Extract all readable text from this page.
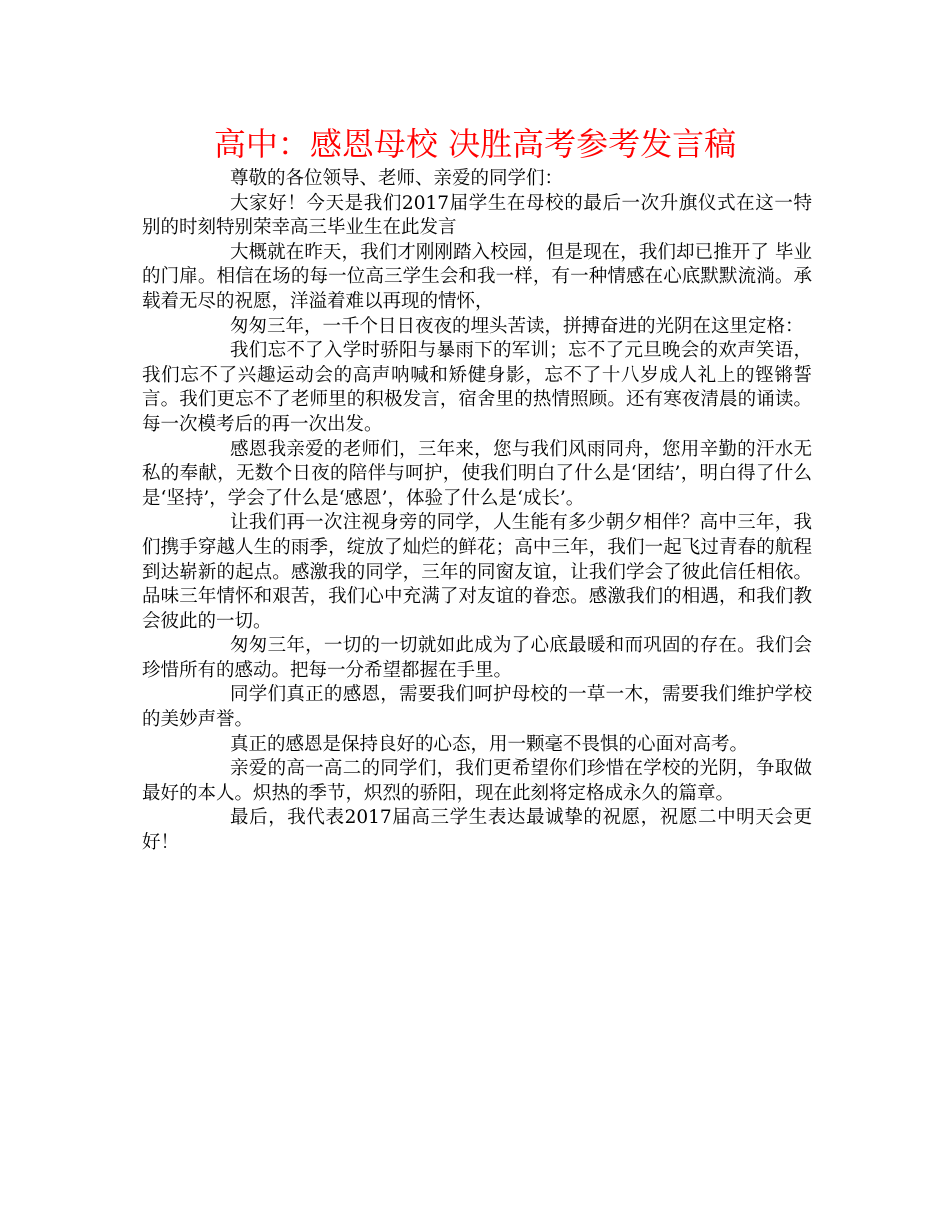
高中：感恩母校 决胜高考参考发言稿

尊敬的各位领导、老师、亲爱的同学们：

大家好！今天是我们2017届学生在母校的最后一次升旗仪式在这一特别的时刻特别荣幸高三毕业生在此发言

大概就在昨天，我们才刚刚踏入校园，但是现在，我们却已推开了 毕业的门扉。相信在场的每一位高三学生会和我一样，有一种情感在心底默默流淌。承载着无尽的祝愿，洋溢着难以再现的情怀，

匆匆三年，一千个日日夜夜的埋头苦读，拼搏奋进的光阴在这里定格：

我们忘不了入学时骄阳与暴雨下的军训；忘不了元旦晚会的欢声笑语，我们忘不了兴趣运动会的高声呐喊和矫健身影，忘不了十八岁成人礼上的铿锵誓言。我们更忘不了老师里的积极发言，宿舍里的热情照顾。还有寒夜清晨的诵读。每一次模考后的再一次出发。

感恩我亲爱的老师们，三年来，您与我们风雨同舟，您用辛勤的汗水无私的奉献，无数个日夜的陪伴与呵护，使我们明白了什么是‘团结’，明白得了什么是‘坚持’，学会了什么是‘感恩’，体验了什么是‘成长’。

让我们再一次注视身旁的同学，人生能有多少朝夕相伴？高中三年，我们携手穿越人生的雨季，绽放了灿烂的鲜花；高中三年，我们一起飞过青春的航程到达崭新的起点。感激我的同学，三年的同窗友谊，让我们学会了彼此信任相依。品味三年情怀和艰苦，我们心中充满了对友谊的眷恋。感激我们的相遇，和我们教会彼此的一切。

匆匆三年，一切的一切就如此成为了心底最暖和而巩固的存在。我们会珍惜所有的感动。把每一分希望都握在手里。

同学们真正的感恩，需要我们呵护母校的一草一木，需要我们维护学校的美妙声誉。

真正的感恩是保持良好的心态，用一颗毫不畏惧的心面对高考。

亲爱的高一高二的同学们，我们更希望你们珍惜在学校的光阴，争取做最好的本人。炽热的季节，炽烈的骄阳，现在此刻将定格成永久的篇章。

最后，我代表2017届高三学生表达最诚挚的祝愿，祝愿二中明天会更好！
